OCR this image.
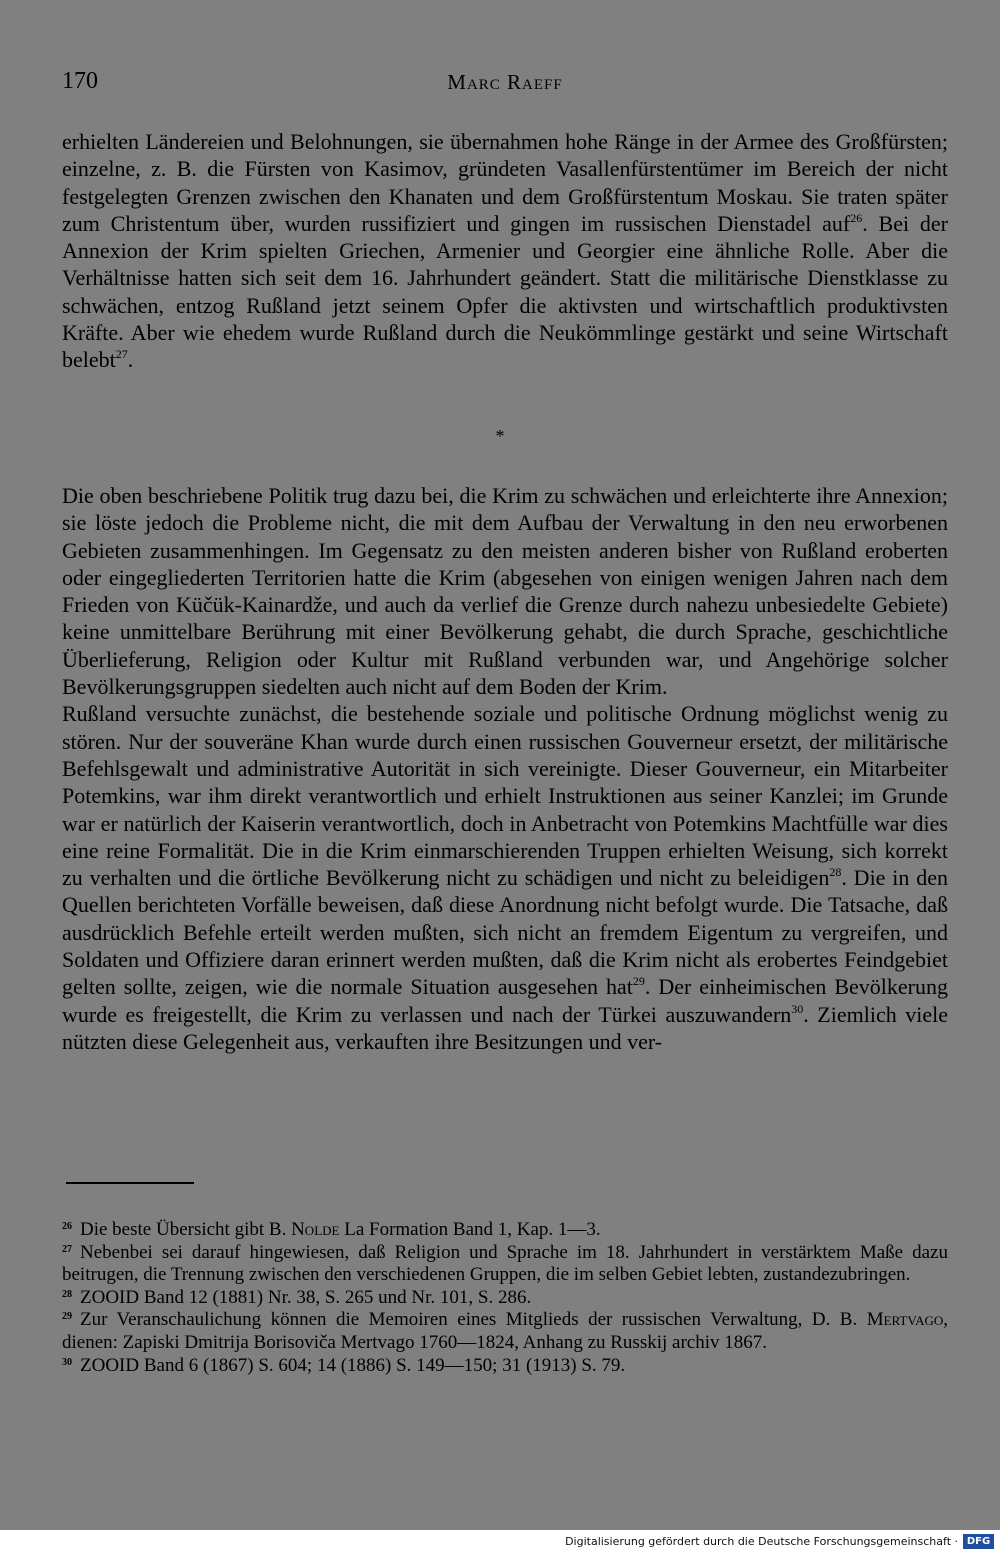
170	Marc Raeff

erhielten Ländereien und Belohnungen, sie übernahmen hohe Ränge in der Armee des Großfürsten; einzelne, z. B. die Fürsten von Kasimov, gründeten Vasallenfürstentümer im Bereich der nicht festgelegten Grenzen zwischen den Khanaten und dem Großfürstentum Moskau. Sie traten später zum Christentum über, wurden russifiziert und gingen im russischen Dienstadel auf$^{26}$. Bei der Annexion der Krim spielten Griechen, Armenier und Georgier eine ähnliche Rolle. Aber die Verhältnisse hatten sich seit dem 16. Jahrhundert geändert. Statt die militärische Dienstklasse zu schwächen, entzog Rußland jetzt seinem Opfer die aktivsten und wirtschaftlich produktivsten Kräfte. Aber wie ehedem wurde Rußland durch die Neukömmlinge gestärkt und seine Wirtschaft belebt$^{27}$.

*

Die oben beschriebene Politik trug dazu bei, die Krim zu schwächen und erleichterte ihre Annexion; sie löste jedoch die Probleme nicht, die mit dem Aufbau der Verwaltung in den neu erworbenen Gebieten zusammenhingen. Im Gegensatz zu den meisten anderen bisher von Rußland eroberten oder eingegliederten Territorien hatte die Krim (abgesehen von einigen wenigen Jahren nach dem Frieden von Küčük-Kainardže, und auch da verlief die Grenze durch nahezu unbesiedelte Gebiete) keine unmittelbare Berührung mit einer Bevölkerung gehabt, die durch Sprache, geschichtliche Überlieferung, Religion oder Kultur mit Rußland verbunden war, und Angehörige solcher Bevölkerungsgruppen siedelten auch nicht auf dem Boden der Krim.

Rußland versuchte zunächst, die bestehende soziale und politische Ordnung möglichst wenig zu stören. Nur der souveräne Khan wurde durch einen russischen Gouverneur ersetzt, der militärische Befehlsgewalt und administrative Autorität in sich vereinigte. Dieser Gouverneur, ein Mitarbeiter Potemkins, war ihm direkt verantwortlich und erhielt Instruktionen aus seiner Kanzlei; im Grunde war er natürlich der Kaiserin verantwortlich, doch in Anbetracht von Potemkins Machtfülle war dies eine reine Formalität. Die in die Krim einmarschierenden Truppen erhielten Weisung, sich korrekt zu verhalten und die örtliche Bevölkerung nicht zu schädigen und nicht zu beleidigen$^{28}$. Die in den Quellen berichteten Vorfälle beweisen, daß diese Anordnung nicht befolgt wurde. Die Tatsache, daß ausdrücklich Befehle erteilt werden mußten, sich nicht an fremdem Eigentum zu vergreifen, und Soldaten und Offiziere daran erinnert werden mußten, daß die Krim nicht als erobertes Feindgebiet gelten sollte, zeigen, wie die normale Situation ausgesehen hat$^{29}$. Der einheimischen Bevölkerung wurde es freigestellt, die Krim zu verlassen und nach der Türkei auszuwandern$^{30}$. Ziemlich viele nützten diese Gelegenheit aus, verkauften ihre Besitzungen und ver-

$^{26}$ Die beste Übersicht gibt B. Nolde La Formation Band 1, Kap. 1—3.

$^{27}$ Nebenbei sei darauf hingewiesen, daß Religion und Sprache im 18. Jahrhundert in verstärktem Maße dazu beitrugen, die Trennung zwischen den verschiedenen Gruppen, die im selben Gebiet lebten, zustandezubringen.

$^{28}$ ZOOID Band 12 (1881) Nr. 38, S. 265 und Nr. 101, S. 286.

$^{29}$ Zur Veranschaulichung können die Memoiren eines Mitglieds der russischen Verwaltung, D. B. Mertvago, dienen: Zapiski Dmitrija Borisoviča Mertvago 1760—1824, Anhang zu Russkij archiv 1867.

$^{30}$ ZOOID Band 6 (1867) S. 604; 14 (1886) S. 149—150; 31 (1913) S. 79.

Digitalisierung gefördert durch die Deutsche Forschungsgemeinschaft · DFG
